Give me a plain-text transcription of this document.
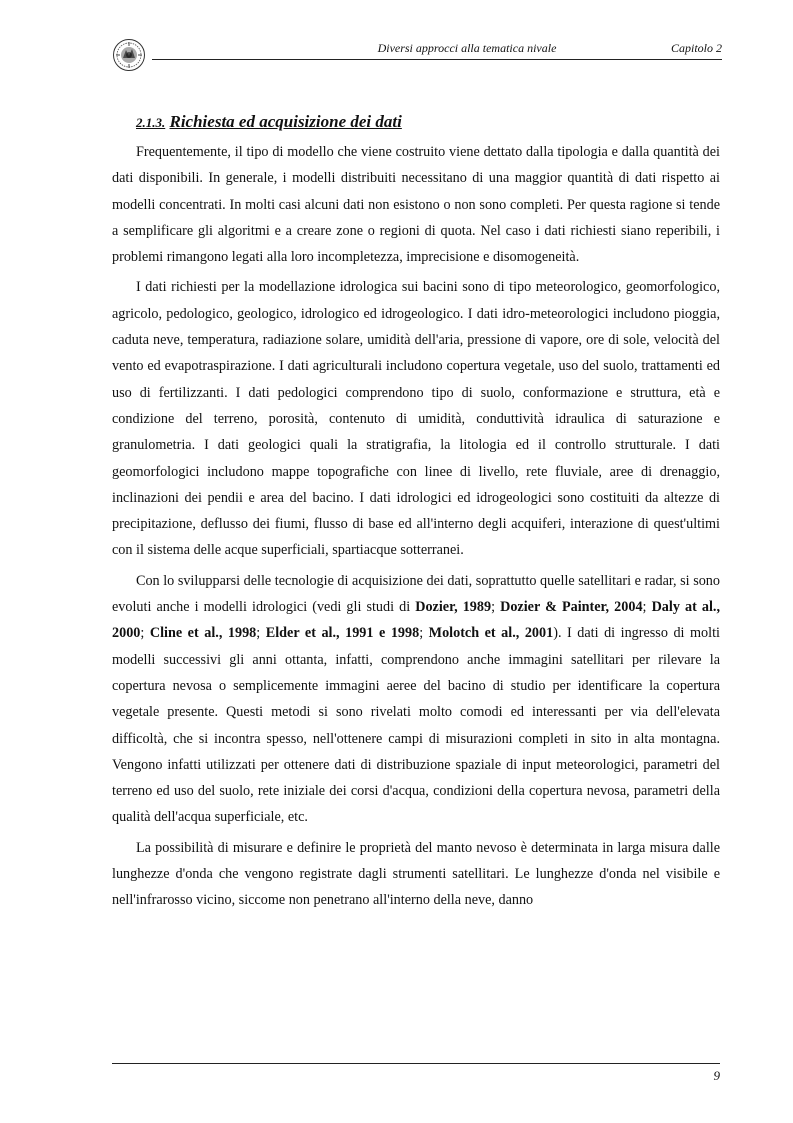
Diversi approcci alla tematica nivale	Capitolo 2
2.1.3. Richiesta ed acquisizione dei dati

Frequentemente, il tipo di modello che viene costruito viene dettato dalla tipologia e dalla quantità dei dati disponibili. In generale, i modelli distribuiti necessitano di una maggior quantità di dati rispetto ai modelli concentrati. In molti casi alcuni dati non esistono o non sono completi. Per questa ragione si tende a semplificare gli algoritmi e a creare zone o regioni di quota. Nel caso i dati richiesti siano reperibili, i problemi rimangono legati alla loro incompletezza, imprecisione e disomogeneità.

I dati richiesti per la modellazione idrologica sui bacini sono di tipo meteorologico, geomorfologico, agricolo, pedologico, geologico, idrologico ed idrogeologico. I dati idro-meteorologici includono pioggia, caduta neve, temperatura, radiazione solare, umidità dell'aria, pressione di vapore, ore di sole, velocità del vento ed evapotraspirazione. I dati agriculturali includono copertura vegetale, uso del suolo, trattamenti ed uso di fertilizzanti. I dati pedologici comprendono tipo di suolo, conformazione e struttura, età e condizione del terreno, porosità, contenuto di umidità, conduttività idraulica di saturazione e granulometria. I dati geologici quali la stratigrafia, la litologia ed il controllo strutturale. I dati geomorfologici includono mappe topografiche con linee di livello, rete fluviale, aree di drenaggio, inclinazioni dei pendii e area del bacino. I dati idrologici ed idrogeologici sono costituiti da altezze di precipitazione, deflusso dei fiumi, flusso di base ed all'interno degli acquiferi, interazione di quest'ultimi con il sistema delle acque superficiali, spartiacque sotterranei.

Con lo svilupparsi delle tecnologie di acquisizione dei dati, soprattutto quelle satellitari e radar, si sono evoluti anche i modelli idrologici (vedi gli studi di Dozier, 1989; Dozier & Painter, 2004; Daly at al., 2000; Cline et al., 1998; Elder et al., 1991 e 1998; Molotch et al., 2001). I dati di ingresso di molti modelli successivi gli anni ottanta, infatti, comprendono anche immagini satellitari per rilevare la copertura nevosa o semplicemente immagini aeree del bacino di studio per identificare la copertura vegetale presente. Questi metodi si sono rivelati molto comodi ed interessanti per via dell'elevata difficoltà, che si incontra spesso, nell'ottenere campi di misurazioni completi in sito in alta montagna. Vengono infatti utilizzati per ottenere dati di distribuzione spaziale di input meteorologici, parametri del terreno ed uso del suolo, rete iniziale dei corsi d'acqua, condizioni della copertura nevosa, parametri della qualità dell'acqua superficiale, etc.

La possibilità di misurare e definire le proprietà del manto nevoso è determinata in larga misura dalle lunghezze d'onda che vengono registrate dagli strumenti satellitari. Le lunghezze d'onda nel visibile e nell'infrarosso vicino, siccome non penetrano all'interno della neve, danno

9
